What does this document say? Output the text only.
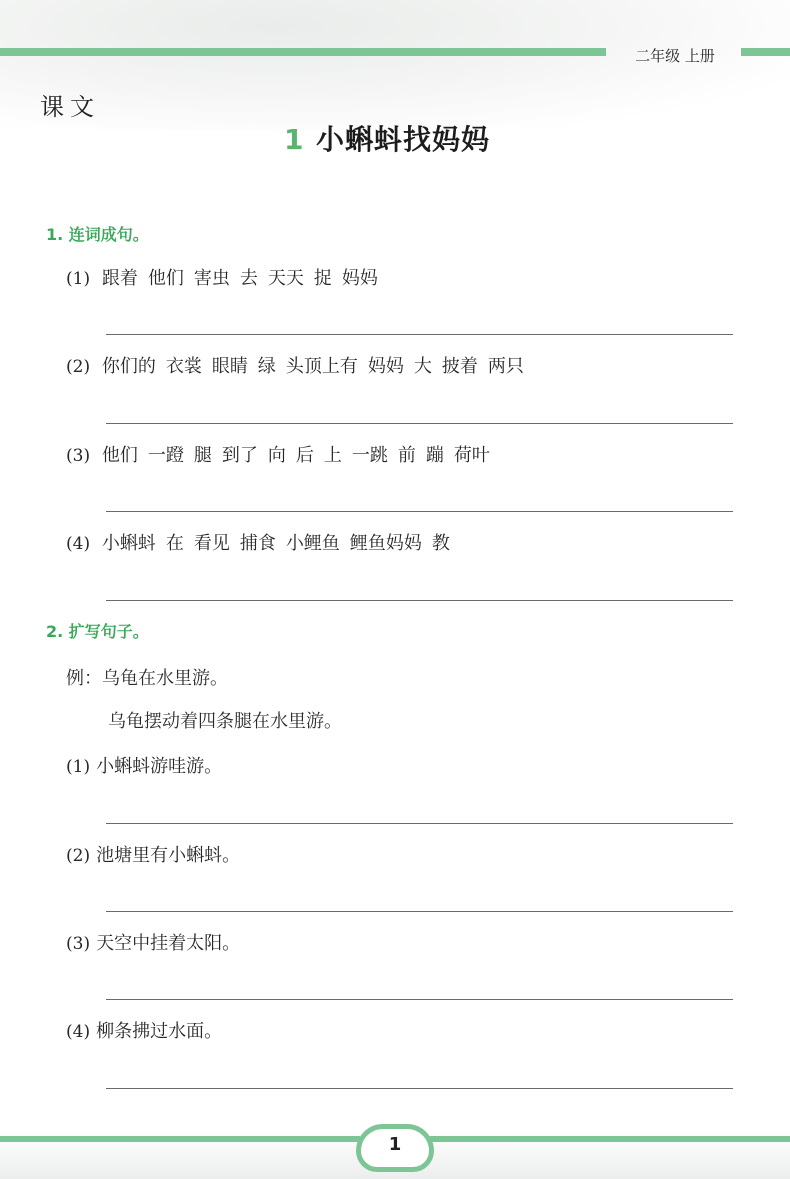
二年级 上册
课文
1 小蝌蚪找妈妈
1. 连词成句。
(1) 跟着 他们 害虫 去 天天 捉 妈妈
(2) 你们的 衣裳 眼睛 绿 头顶上有 妈妈 大 披着 两只
(3) 他们 一蹬 腿 到了 向 后 上 一跳 前 蹦 荷叶
(4) 小蝌蚪 在 看见 捕食 小鲤鱼 鲤鱼妈妈 教
2. 扩写句子。
例：乌龟在水里游。
乌龟摆动着四条腿在水里游。
(1) 小蝌蚪游哇游。
(2) 池塘里有小蝌蚪。
(3) 天空中挂着太阳。
(4) 柳条拂过水面。
1
